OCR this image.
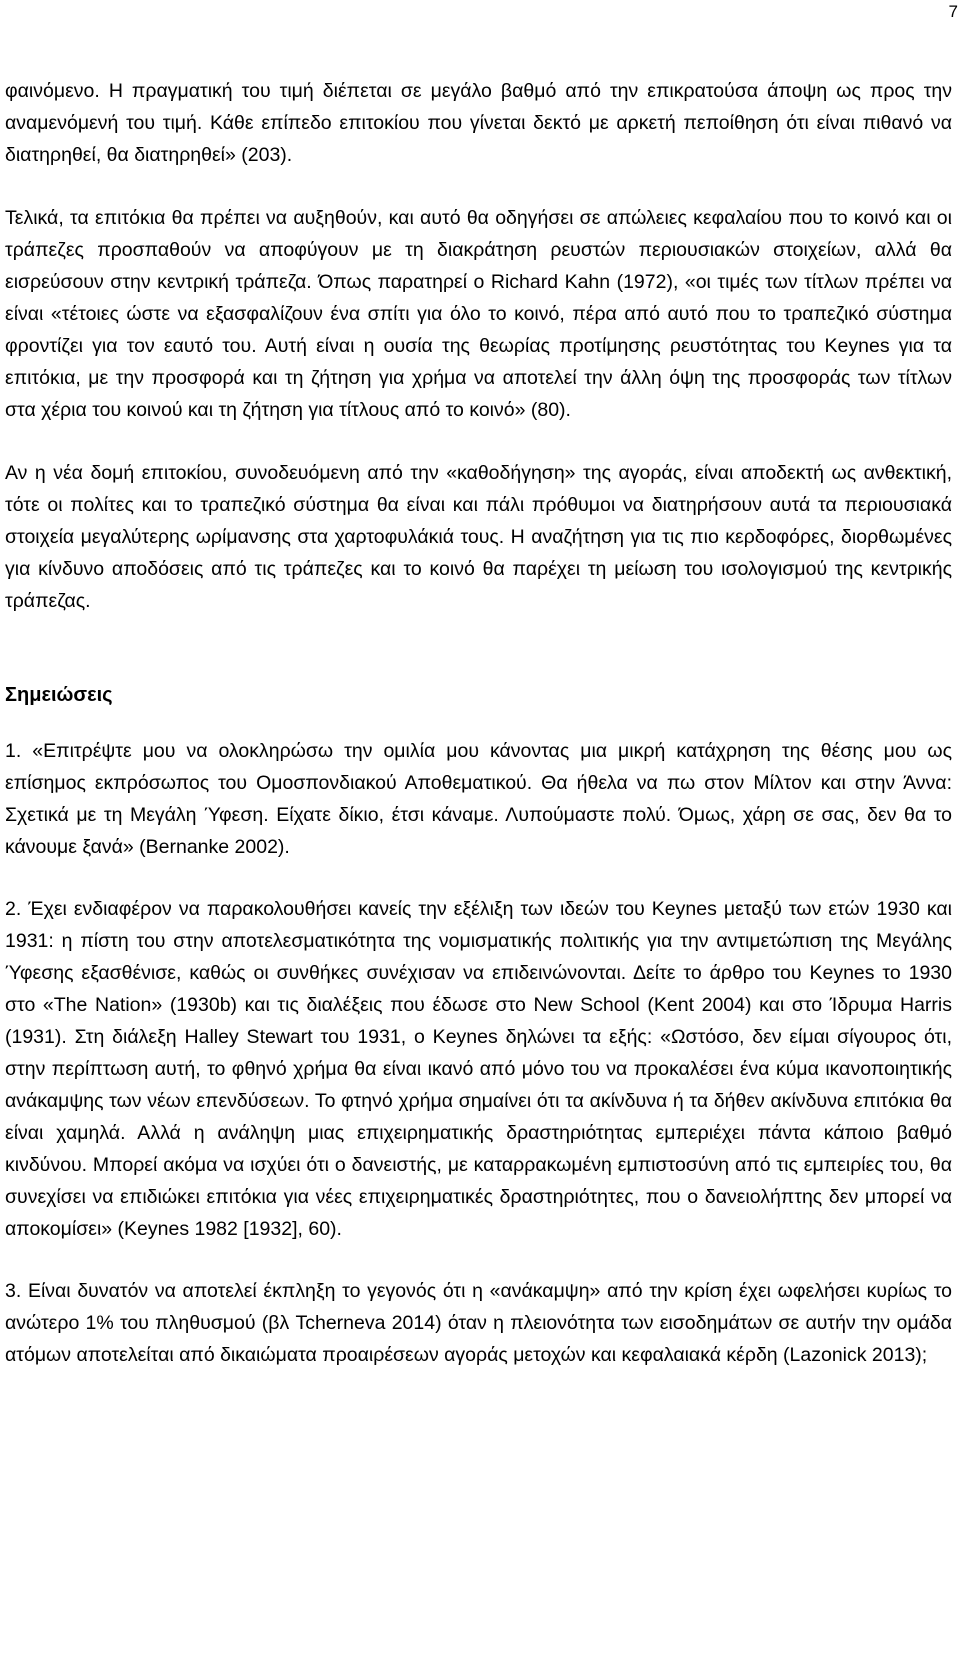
7

φαινόμενο. Η πραγματική του τιμή διέπεται σε μεγάλο βαθμό από την επικρατούσα άποψη ως προς την αναμενόμενή του τιμή. Κάθε επίπεδο επιτοκίου που γίνεται δεκτό με αρκετή πεποίθηση ότι είναι πιθανό να διατηρηθεί, θα διατηρηθεί» (203).

Τελικά, τα επιτόκια θα πρέπει να αυξηθούν, και αυτό θα οδηγήσει σε απώλειες κεφαλαίου που το κοινό και οι τράπεζες προσπαθούν να αποφύγουν με τη διακράτηση ρευστών περιουσιακών στοιχείων, αλλά θα εισρεύσουν στην κεντρική τράπεζα. Όπως παρατηρεί ο Richard Kahn (1972), «οι τιμές των τίτλων πρέπει να είναι «τέτοιες ώστε να εξασφαλίζουν ένα σπίτι για όλο το κοινό, πέρα από αυτό που το τραπεζικό σύστημα φροντίζει για τον εαυτό του. Αυτή είναι η ουσία της θεωρίας προτίμησης ρευστότητας του Keynes για τα επιτόκια, με την προσφορά και τη ζήτηση για χρήμα να αποτελεί την άλλη όψη της προσφοράς των τίτλων στα χέρια του κοινού και τη ζήτηση για τίτλους από το κοινό» (80).

Αν η νέα δομή επιτοκίου, συνοδευόμενη από την «καθοδήγηση» της αγοράς, είναι αποδεκτή ως ανθεκτική, τότε οι πολίτες και το τραπεζικό σύστημα θα είναι και πάλι πρόθυμοι να διατηρήσουν αυτά τα περιουσιακά στοιχεία μεγαλύτερης ωρίμανσης στα χαρτοφυλάκιά τους. Η αναζήτηση για τις πιο κερδοφόρες, διορθωμένες για κίνδυνο αποδόσεις από τις τράπεζες και το κοινό θα παρέχει τη μείωση του ισολογισμού της κεντρικής τράπεζας.

Σημειώσεις

1. «Επιτρέψτε μου να ολοκληρώσω την ομιλία μου κάνοντας μια μικρή κατάχρηση της θέσης μου ως επίσημος εκπρόσωπος του Ομοσπονδιακού Αποθεματικού. Θα ήθελα να πω στον Μίλτον και στην Άννα: Σχετικά με τη Μεγάλη Ύφεση. Είχατε δίκιο, έτσι κάναμε. Λυπούμαστε πολύ. Όμως, χάρη σε σας, δεν θα το κάνουμε ξανά» (Bernanke 2002).

2. Έχει ενδιαφέρον να παρακολουθήσει κανείς την εξέλιξη των ιδεών του Keynes μεταξύ των ετών 1930 και 1931: η πίστη του στην αποτελεσματικότητα της νομισματικής πολιτικής για την αντιμετώπιση της Μεγάλης Ύφεσης εξασθένισε, καθώς οι συνθήκες συνέχισαν να επιδεινώνονται. Δείτε το άρθρο του Keynes το 1930 στο «The Nation» (1930b) και τις διαλέξεις που έδωσε στο New School (Kent 2004) και στο Ίδρυμα Harris (1931). Στη διάλεξη Halley Stewart του 1931, ο Keynes δηλώνει τα εξής: «Ωστόσο, δεν είμαι σίγουρος ότι, στην περίπτωση αυτή, το φθηνό χρήμα θα είναι ικανό από μόνο του να προκαλέσει ένα κύμα ικανοποιητικής ανάκαμψης των νέων επενδύσεων. Το φτηνό χρήμα σημαίνει ότι τα ακίνδυνα ή τα δήθεν ακίνδυνα επιτόκια θα είναι χαμηλά. Αλλά η ανάληψη μιας επιχειρηματικής δραστηριότητας εμπεριέχει πάντα κάποιο βαθμό κινδύνου. Μπορεί ακόμα να ισχύει ότι ο δανειστής, με καταρρακωμένη εμπιστοσύνη από τις εμπειρίες του, θα συνεχίσει να επιδιώκει επιτόκια για νέες επιχειρηματικές δραστηριότητες, που ο δανειολήπτης δεν μπορεί να αποκομίσει» (Keynes 1982 [1932], 60).

3. Είναι δυνατόν να αποτελεί έκπληξη το γεγονός ότι η «ανάκαμψη» από την κρίση έχει ωφελήσει κυρίως το ανώτερο 1% του πληθυσμού (βλ Tcherneva 2014) όταν η πλειονότητα των εισοδημάτων σε αυτήν την ομάδα ατόμων αποτελείται από δικαιώματα προαιρέσεων αγοράς μετοχών και κεφαλαιακά κέρδη (Lazonick 2013);
